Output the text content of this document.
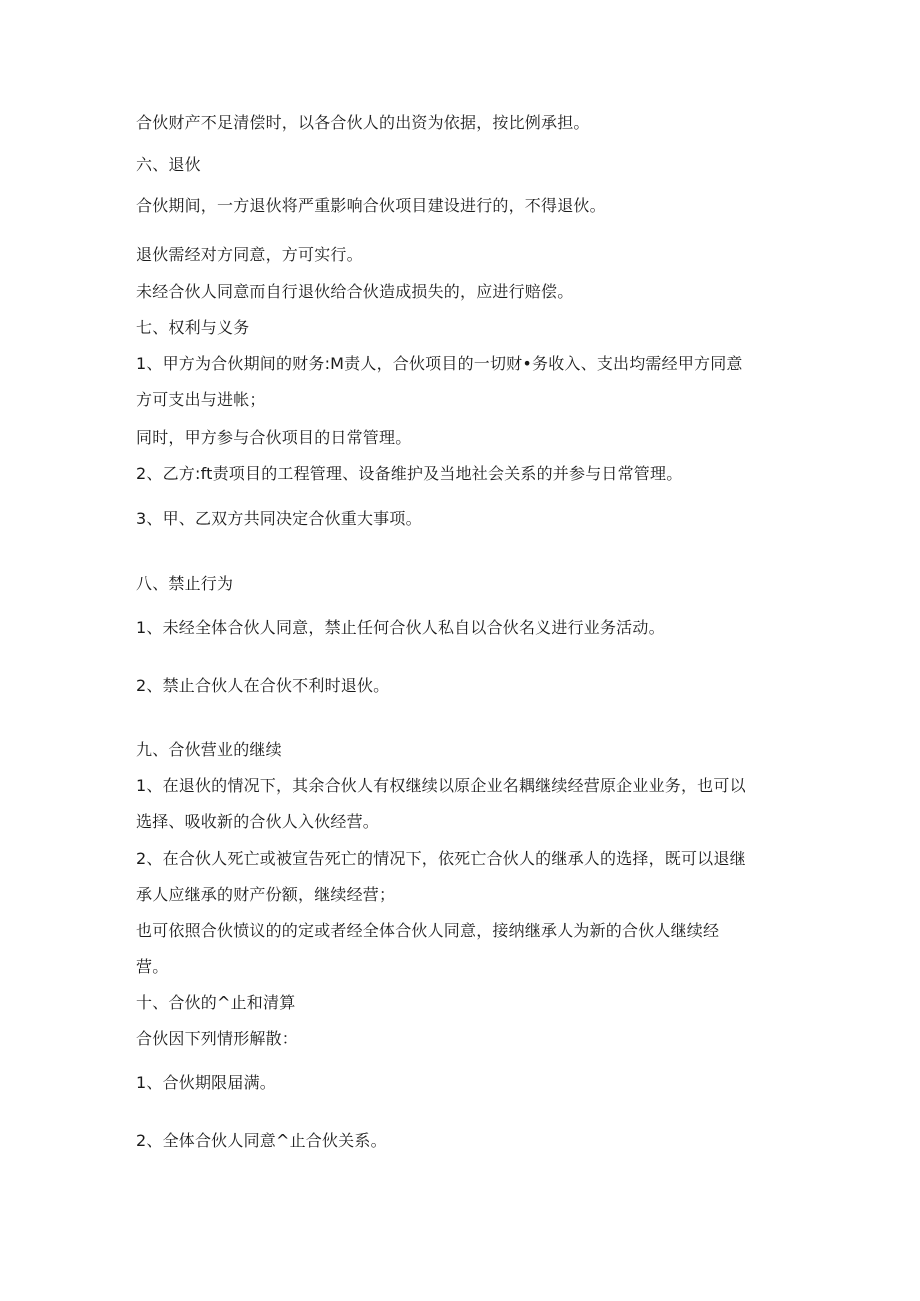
合伙财产不足清偿时，以各合伙人的出资为依据，按比例承担。

六、退伙

合伙期间，一方退伙将严重影响合伙项目建设进行的，不得退伙。

退伙需经对方同意，方可实行。

未经合伙人同意而自行退伙给合伙造成损失的，应进行赔偿。

七、权利与义务

1、甲方为合伙期间的财务:M责人，合伙项目的一切财•务收入、支出均需经甲方同意

方可支出与进帐；

同时，甲方参与合伙项目的日常管理。

2、乙方:ft责项目的工程管理、设备维护及当地社会关系的并参与日常管理。

3、甲、乙双方共同决定合伙重大事项。

八、禁止行为

1、未经全体合伙人同意，禁止任何合伙人私自以合伙名义进行业务活动。

2、禁止合伙人在合伙不利时退伙。

九、合伙营业的继续

1、在退伙的情况下，其余合伙人有权继续以原企业名耦继续经营原企业业务，也可以

选择、吸收新的合伙人入伙经营。

2、在合伙人死亡或被宣告死亡的情况下，依死亡合伙人的继承人的选择，既可以退继

承人应继承的财产份额，继续经营；

也可依照合伙愤议的的定或者经全体合伙人同意，接纳继承人为新的合伙人继续经

营。

十、合伙的^止和清算

合伙因下列情形解散：

1、合伙期限届满。

2、全体合伙人同意^止合伙关系。
